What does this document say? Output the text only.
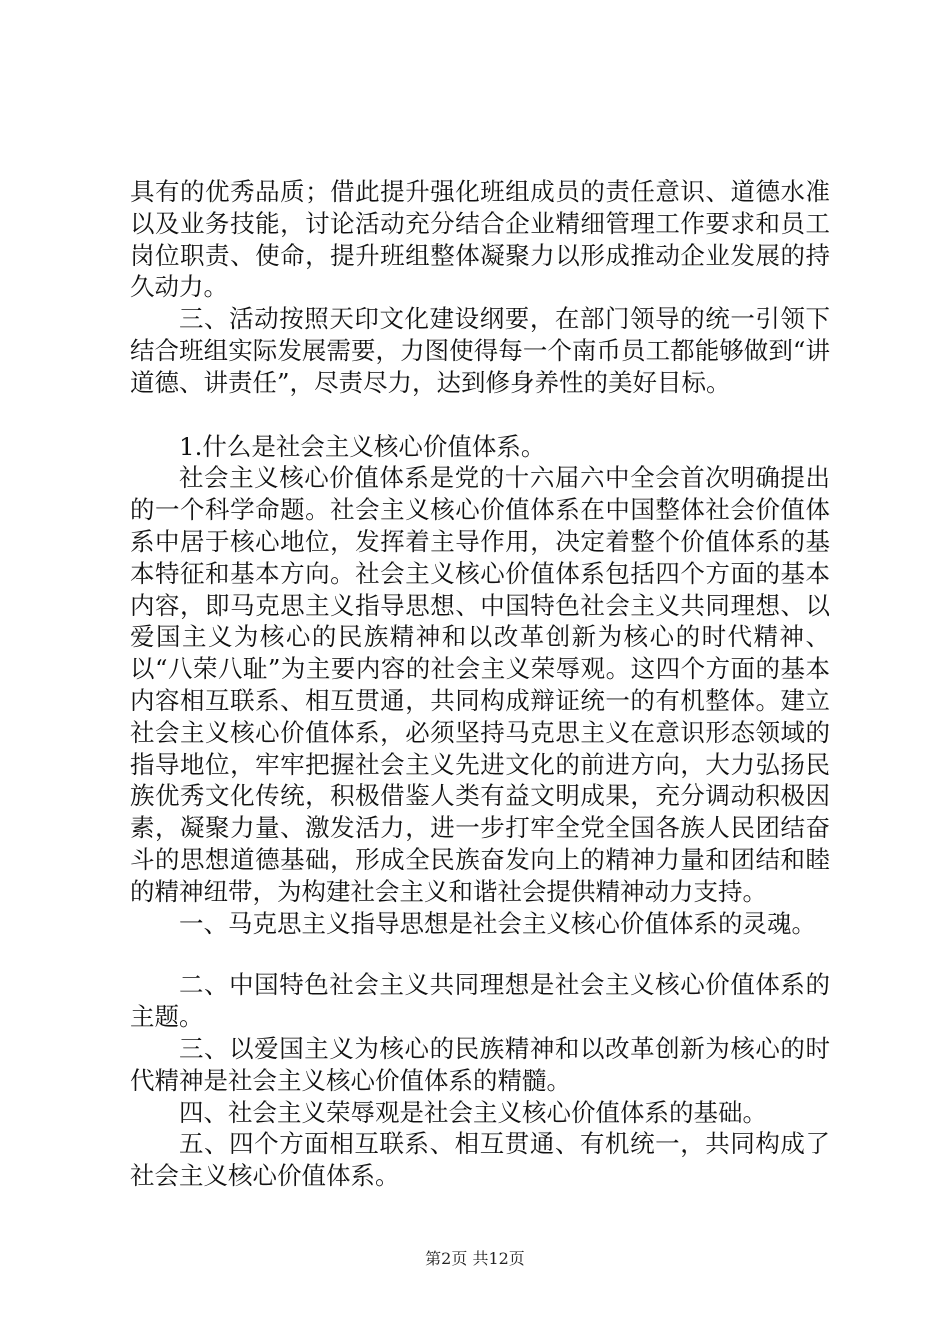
具有的优秀品质；借此提升强化班组成员的责任意识、道德水准以及业务技能，讨论活动充分结合企业精细管理工作要求和员工岗位职责、使命，提升班组整体凝聚力以形成推动企业发展的持久动力。

三、活动按照天印文化建设纲要，在部门领导的统一引领下结合班组实际发展需要，力图使得每一个南币员工都能够做到“讲道德、讲责任”，尽责尽力，达到修身养性的美好目标。

1.什么是社会主义核心价值体系。

社会主义核心价值体系是党的十六届六中全会首次明确提出的一个科学命题。社会主义核心价值体系在中国整体社会价值体系中居于核心地位，发挥着主导作用，决定着整个价值体系的基本特征和基本方向。社会主义核心价值体系包括四个方面的基本内容，即马克思主义指导思想、中国特色社会主义共同理想、以爱国主义为核心的民族精神和以改革创新为核心的时代精神、以“八荣八耻”为主要内容的社会主义荣辱观。这四个方面的基本内容相互联系、相互贯通，共同构成辩证统一的有机整体。建立社会主义核心价值体系，必须坚持马克思主义在意识形态领域的指导地位，牢牢把握社会主义先进文化的前进方向，大力弘扬民族优秀文化传统，积极借鉴人类有益文明成果，充分调动积极因素，凝聚力量、激发活力，进一步打牢全党全国各族人民团结奋斗的思想道德基础，形成全民族奋发向上的精神力量和团结和睦的精神纽带，为构建社会主义和谐社会提供精神动力支持。

一、马克思主义指导思想是社会主义核心价值体系的灵魂。

二、中国特色社会主义共同理想是社会主义核心价值体系的主题。

三、以爱国主义为核心的民族精神和以改革创新为核心的时代精神是社会主义核心价值体系的精髓。

四、社会主义荣辱观是社会主义核心价值体系的基础。

五、四个方面相互联系、相互贯通、有机统一，共同构成了社会主义核心价值体系。

第2页 共12页
